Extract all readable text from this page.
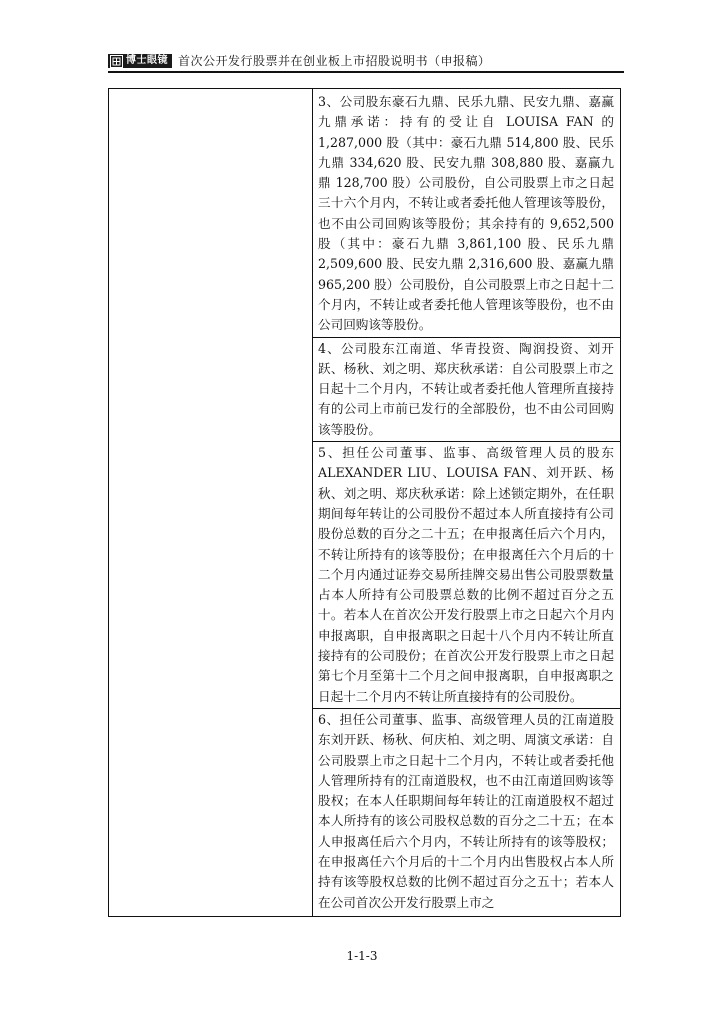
博士眼镜 首次公开发行股票并在创业板上市招股说明书（申报稿）

3、公司股东豪石九鼎、民乐九鼎、民安九鼎、嘉赢九鼎承诺：持有的受让自 LOUISA FAN 的 1,287,000 股（其中：豪石九鼎 514,800 股、民乐九鼎 334,620 股、民安九鼎 308,880 股、嘉赢九鼎 128,700 股）公司股份，自公司股票上市之日起三十六个月内，不转让或者委托他人管理该等股份，也不由公司回购该等股份；其余持有的 9,652,500 股（其中：豪石九鼎 3,861,100 股、民乐九鼎 2,509,600 股、民安九鼎 2,316,600 股、嘉赢九鼎 965,200 股）公司股份，自公司股票上市之日起十二个月内，不转让或者委托他人管理该等股份，也不由公司回购该等股份。

4、公司股东江南道、华青投资、陶润投资、刘开跃、杨秋、刘之明、郑庆秋承诺：自公司股票上市之日起十二个月内，不转让或者委托他人管理所直接持有的公司上市前已发行的全部股份，也不由公司回购该等股份。

5、担任公司董事、监事、高级管理人员的股东 ALEXANDER LIU、LOUISA FAN、刘开跃、杨秋、刘之明、郑庆秋承诺：除上述锁定期外，在任职期间每年转让的公司股份不超过本人所直接持有公司股份总数的百分之二十五；在申报离任后六个月内，不转让所持有的该等股份；在申报离任六个月后的十二个月内通过证券交易所挂牌交易出售公司股票数量占本人所持有公司股票总数的比例不超过百分之五十。若本人在首次公开发行股票上市之日起六个月内申报离职，自申报离职之日起十八个月内不转让所直接持有的公司股份；在首次公开发行股票上市之日起第七个月至第十二个月之间申报离职，自申报离职之日起十二个月内不转让所直接持有的公司股份。

6、担任公司董事、监事、高级管理人员的江南道股东刘开跃、杨秋、何庆柏、刘之明、周演文承诺：自公司股票上市之日起十二个月内，不转让或者委托他人管理所持有的江南道股权，也不由江南道回购该等股权；在本人任职期间每年转让的江南道股权不超过本人所持有的该公司股权总数的百分之二十五；在本人申报离任后六个月内，不转让所持有的该等股权；在申报离任六个月后的十二个月内出售股权占本人所持有该等股权总数的比例不超过百分之五十；若本人在公司首次公开发行股票上市之

1-1-3
